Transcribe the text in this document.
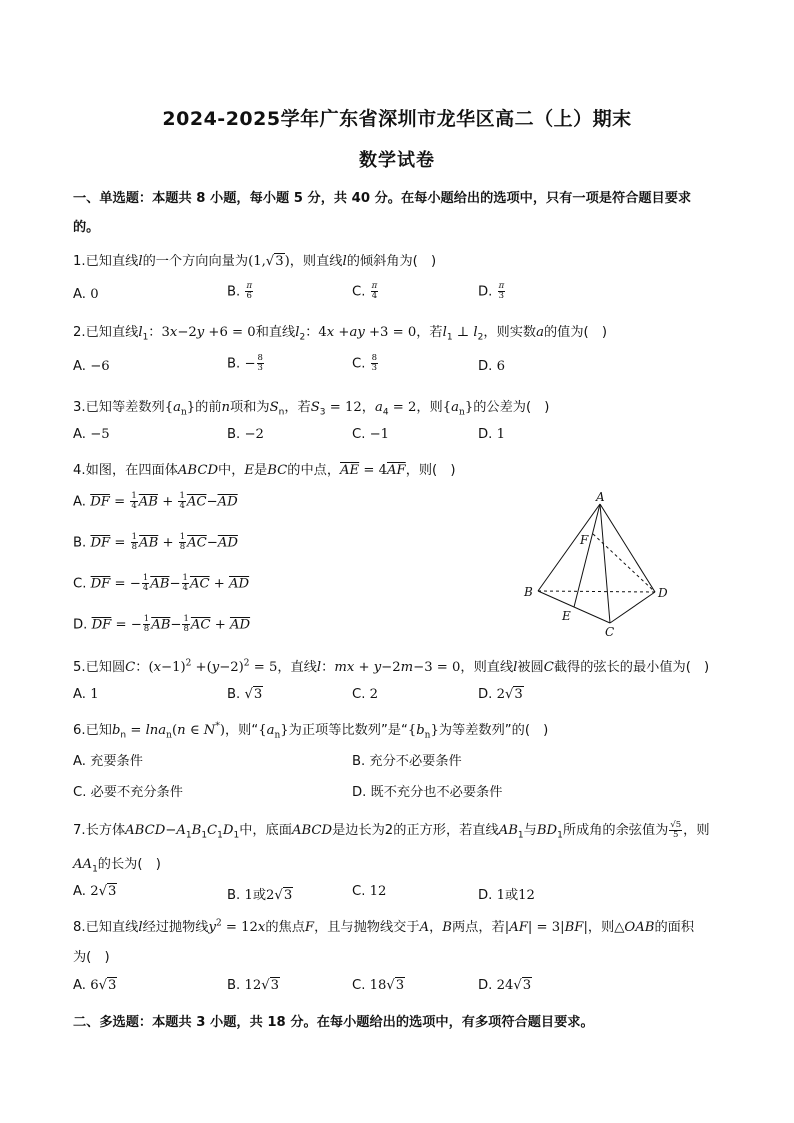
2024-2025学年广东省深圳市龙华区高二（上）期末
数学试卷
一、单选题：本题共 8 小题，每小题 5 分，共 40 分。在每小题给出的选项中，只有一项是符合题目要求
的。
1.已知直线l的一个方向向量为(1,√3)，则直线l的倾斜角为(　)
A. 0	B. $\frac{\pi}{6}$	C. $\frac{\pi}{4}$	D. $\frac{\pi}{3}$
2.已知直线$l_1$：3x−2y +6 = 0和直线$l_2$：4x +ay +3 = 0，若$l_1$ ⊥ $l_2$，则实数a的值为(　)
A. −6	B. − $\frac{8}{3}$	C. $\frac{8}{3}$	D. 6
3.已知等差数列$\{a_n\}$的前n项和为$S_n$，若$S_3 = 12$，$a_4 = 2$，则$\{a_n\}$的公差为(　)
A. −5	B. −2	C. −1	D. 1
4.如图，在四面体ABCD中，E是BC的中点，$\overline{AE} = 4\overline{AF}$，则(　)
A. $\overline{DF} = \frac{1}{4} \overline{AB} + \frac{1}{4} \overline{AC}-\overline{AD}$
B. $\overline{DF} = \frac{1}{8} \overline{AB} + \frac{1}{8} \overline{AC}-\overline{AD}$
C. $\overline{DF}$ = − $\frac{1}{4} \overline{AB}- \frac{1}{4} \overline{AC} + \overline{AD}$
D. $\overline{DF}$ = − $\frac{1}{8} \overline{AB}- \frac{1}{8} \overline{AC} + \overline{AD}$
A
B
C
D
E
F
5.已知圆C：$(x-1)^2 +(y-2)^2 = 5$，直线l：mx + y−2m−3 = 0，则直线l被圆C截得的弦长的最小值为(　)
A. 1	B. √3	C. 2	D. 2√3
6.已知$b_n = \ln a_n(n$ ∈ N*)，则“$\{a_n\}$为正项等比数列”是“$\{b_n\}$为等差数列”的(　)
A. 充要条件	B. 充分不必要条件
C. 必要不充分条件	D. 既不充分也不必要条件
7.长方体$ABCD-A_1B_1C_1D_1$中，底面ABCD是边长为2的正方形，若直线$AB_1$与$BD_1$所成角的余弦值为 $\frac{√5}{5}$ ，则
$AA_1$的长为(　)
A. 2√3	B. 1或2√3	C. 12	D. 1或12
8.已知直线l经过抛物线$y^2 = 12x$的焦点F，且与抛物线交于A，B两点，若|AF| = 3|BF|，则△OAB的面积
为(　)
A. 6√3	B. 12√3	C. 18√3	D. 24√3
二、多选题：本题共 3 小题，共 18 分。在每小题给出的选项中，有多项符合题目要求。
